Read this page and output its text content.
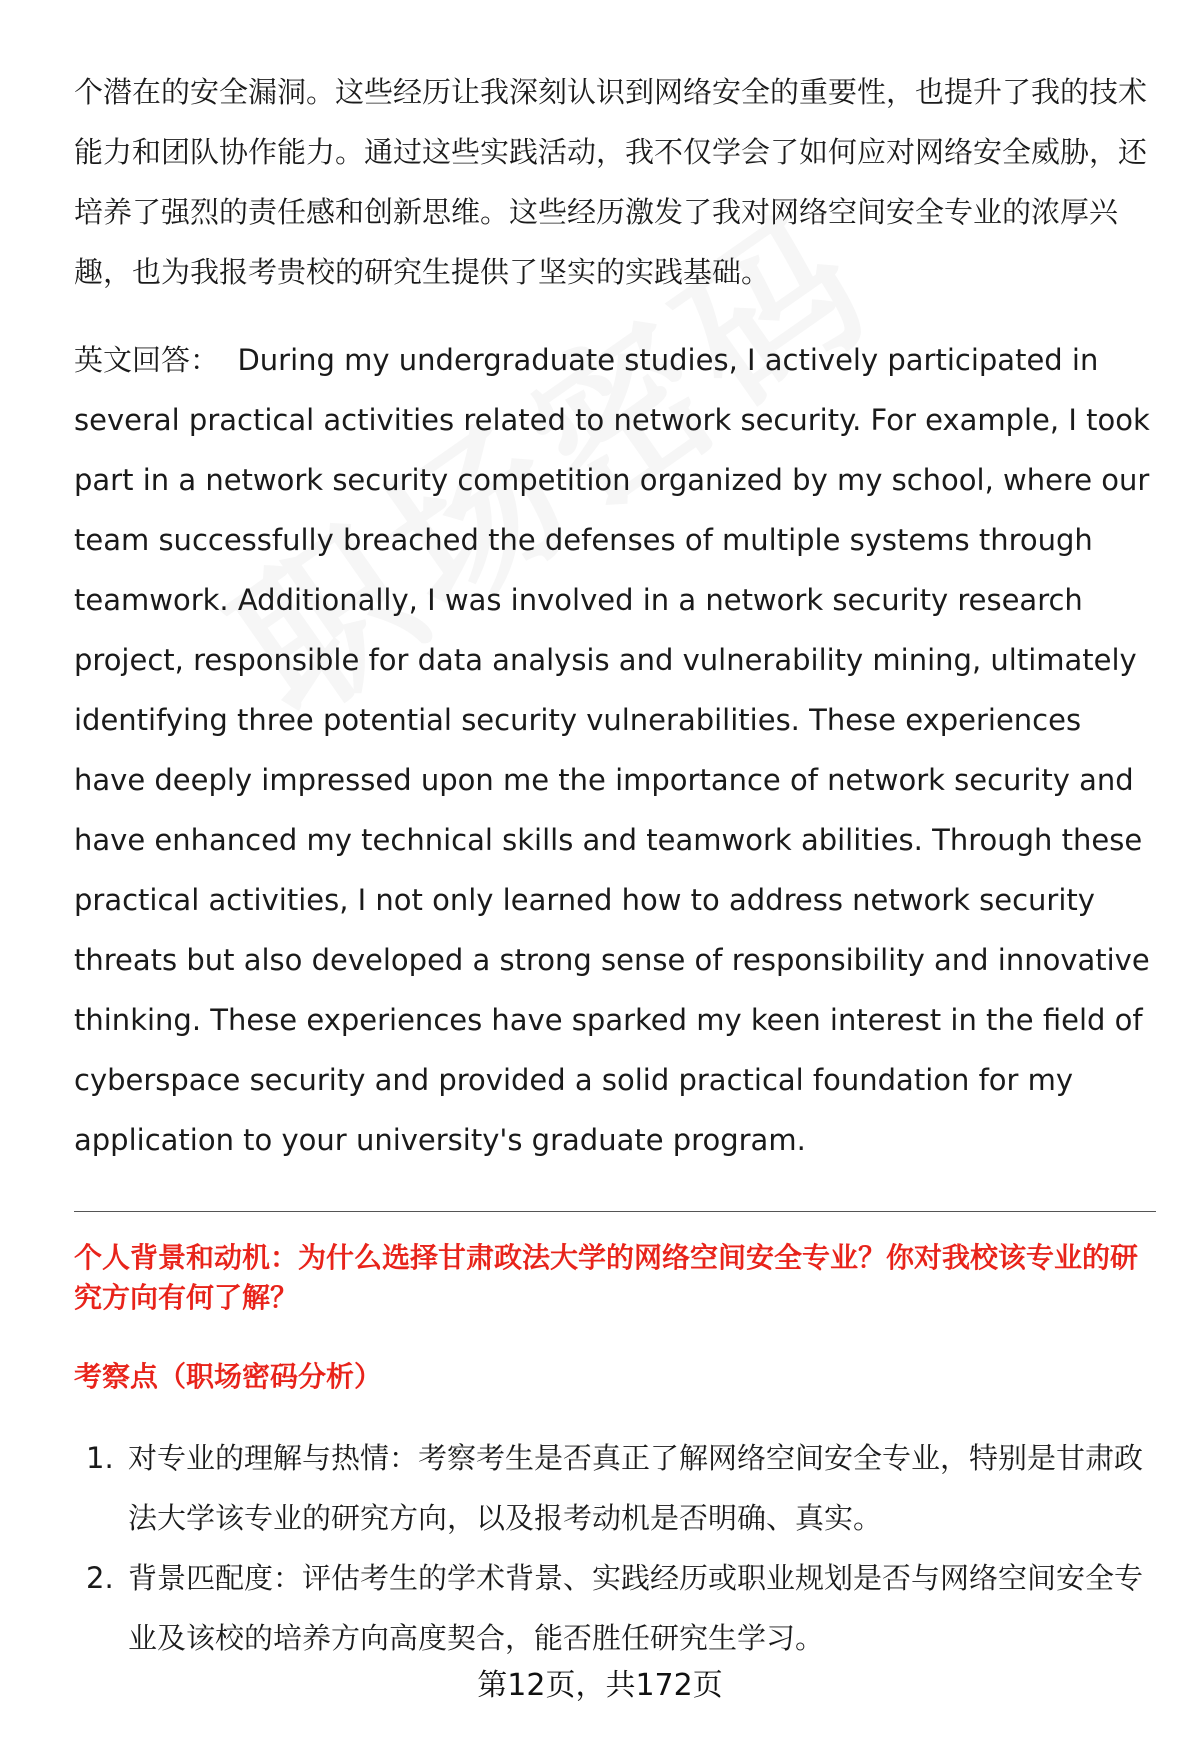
个潜在的安全漏洞。这些经历让我深刻认识到网络安全的重要性，也提升了我的技术能力和团队协作能力。通过这些实践活动，我不仅学会了如何应对网络安全威胁，还培养了强烈的责任感和创新思维。这些经历激发了我对网络空间安全专业的浓厚兴趣，也为我报考贵校的研究生提供了坚实的实践基础。

英文回答： During my undergraduate studies, I actively participated in several practical activities related to network security. For example, I took part in a network security competition organized by my school, where our team successfully breached the defenses of multiple systems through teamwork. Additionally, I was involved in a network security research project, responsible for data analysis and vulnerability mining, ultimately identifying three potential security vulnerabilities. These experiences have deeply impressed upon me the importance of network security and have enhanced my technical skills and teamwork abilities. Through these practical activities, I not only learned how to address network security threats but also developed a strong sense of responsibility and innovative thinking. These experiences have sparked my keen interest in the field of cyberspace security and provided a solid practical foundation for my application to your university's graduate program.

个人背景和动机：为什么选择甘肃政法大学的网络空间安全专业？你对我校该专业的研究方向有何了解？

考察点（职场密码分析）

1. 对专业的理解与热情：考察考生是否真正了解网络空间安全专业，特别是甘肃政法大学该专业的研究方向，以及报考动机是否明确、真实。
2. 背景匹配度：评估考生的学术背景、实践经历或职业规划是否与网络空间安全专业及该校的培养方向高度契合，能否胜任研究生学习。
第12页，共172页
